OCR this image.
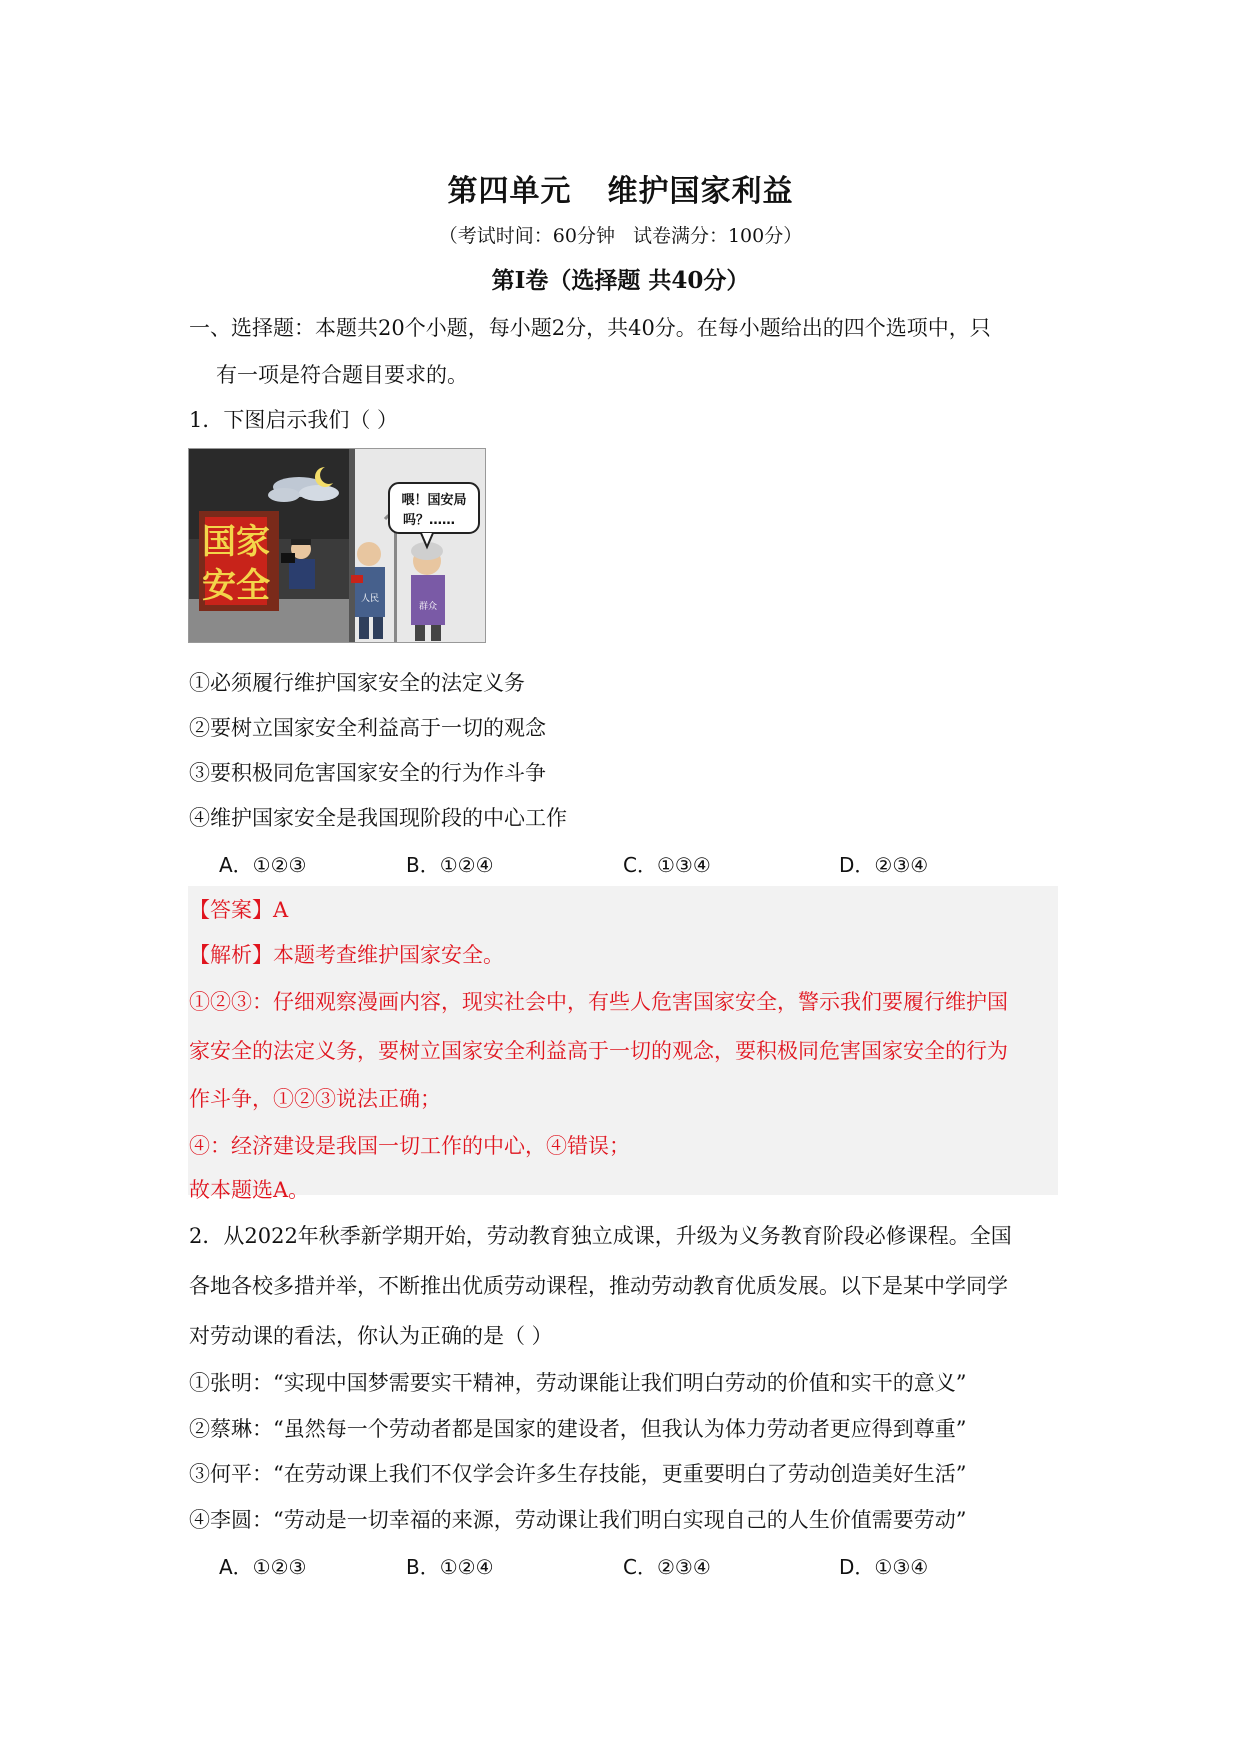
第四单元 维护国家利益
（考试时间：60分钟 试卷满分：100分）
第Ⅰ卷（选择题 共40分）
一、选择题：本题共20个小题，每小题2分，共40分。在每小题给出的四个选项中，只
有一项是符合题目要求的。
1．下图启示我们（ ）
国家
安全	人民
群众
喂！国安局
吗？……
①必须履行维护国家安全的法定义务
②要树立国家安全利益高于一切的观念
③要积极同危害国家安全的行为作斗争
④维护国家安全是我国现阶段的中心工作
A．①②③	B．①②④	C．①③④	D．②③④
【答案】A
【解析】本题考查维护国家安全。
①②③：仔细观察漫画内容，现实社会中，有些人危害国家安全，警示我们要履行维护国
家安全的法定义务，要树立国家安全利益高于一切的观念，要积极同危害国家安全的行为
作斗争，①②③说法正确；
④：经济建设是我国一切工作的中心，④错误；
故本题选A。
2．从2022年秋季新学期开始，劳动教育独立成课，升级为义务教育阶段必修课程。全国
各地各校多措并举，不断推出优质劳动课程，推动劳动教育优质发展。以下是某中学同学
对劳动课的看法，你认为正确的是（ ）
①张明：“实现中国梦需要实干精神，劳动课能让我们明白劳动的价值和实干的意义”
②蔡琳：“虽然每一个劳动者都是国家的建设者，但我认为体力劳动者更应得到尊重”
③何平：“在劳动课上我们不仅学会许多生存技能，更重要明白了劳动创造美好生活”
④李圆：“劳动是一切幸福的来源，劳动课让我们明白实现自己的人生价值需要劳动”
A．①②③	B．①②④	C．②③④	D．①③④
